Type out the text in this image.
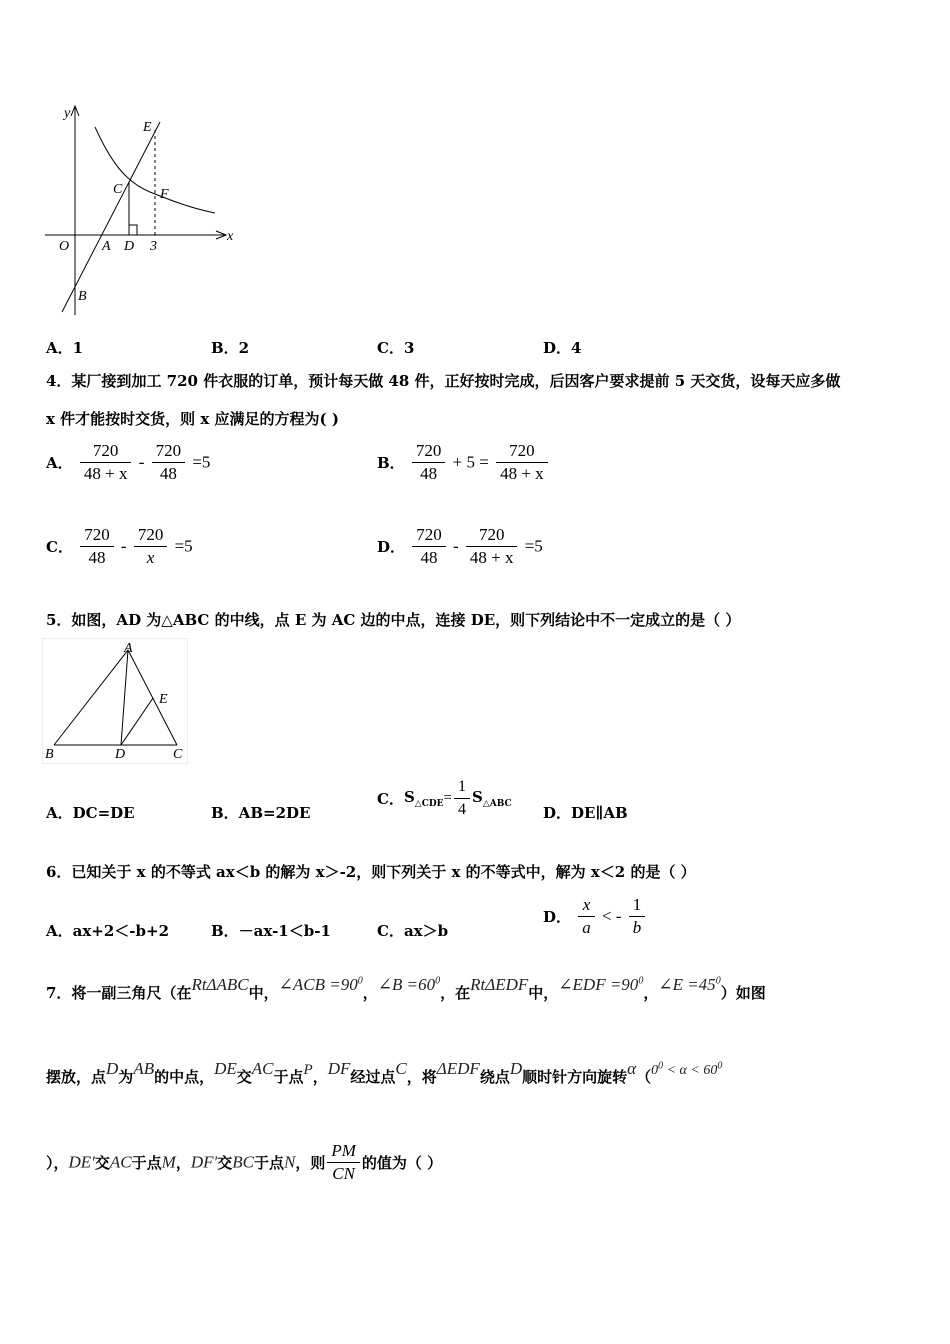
y
x
O A
B
C
D
E
F
3
A．1	B．2	C．3	D．4
4．某厂接到加工 720 件衣服的订单，预计每天做 48 件，正好按时完成，后因客户要求提前 5 天交货，设每天应多做
x 件才能按时交货，则 x 应满足的方程为( )
A． $\frac{720}{48 + x} - \frac{720}{48} =5$	B． $\frac{720}{48} + 5 = \frac{720}{48 + x}$
C． $\frac{720}{48} - \frac{720}{x} =5$	D． $\frac{720}{48} - \frac{720}{48 + x} =5$
5．如图，AD 为△ABC 的中线，点 E 为 AC 边的中点，连接 DE，则下列结论中不一定成立的是（ ）
A
B	C
D
E
A．DC=DE	B．AB=2DE
C．$S_{\triangle CDE}= \frac{1}{4} S_{\triangle ABC}$ D．DE∥AB
6．已知关于 x 的不等式 ax＜b 的解为 x＞-2，则下列关于 x 的不等式中，解为 x＜2 的是（ ）
A．ax+2＜-b+2	B．－ax-1＜b-1	C．ax＞b
D． $\frac{x}{a}$ < - $\frac{1}{b}$
7．将一副三角尺（在RtΔABC中，∠ACB $=90^0$，∠B $=60^0$，在RtΔEDF中，∠EDF $=90^0$，∠E $=45^0$）如图
摆放，点D为AB的中点，DE交AC于点P，DF经过点C，将ΔEDF绕点D顺时针方向旋转$\alpha(0^0 < \alpha < 60^0$
），DE′交AC于点M，DF′交BC于点N，则 $\frac{PM}{CN}$ 的值为（ ）
